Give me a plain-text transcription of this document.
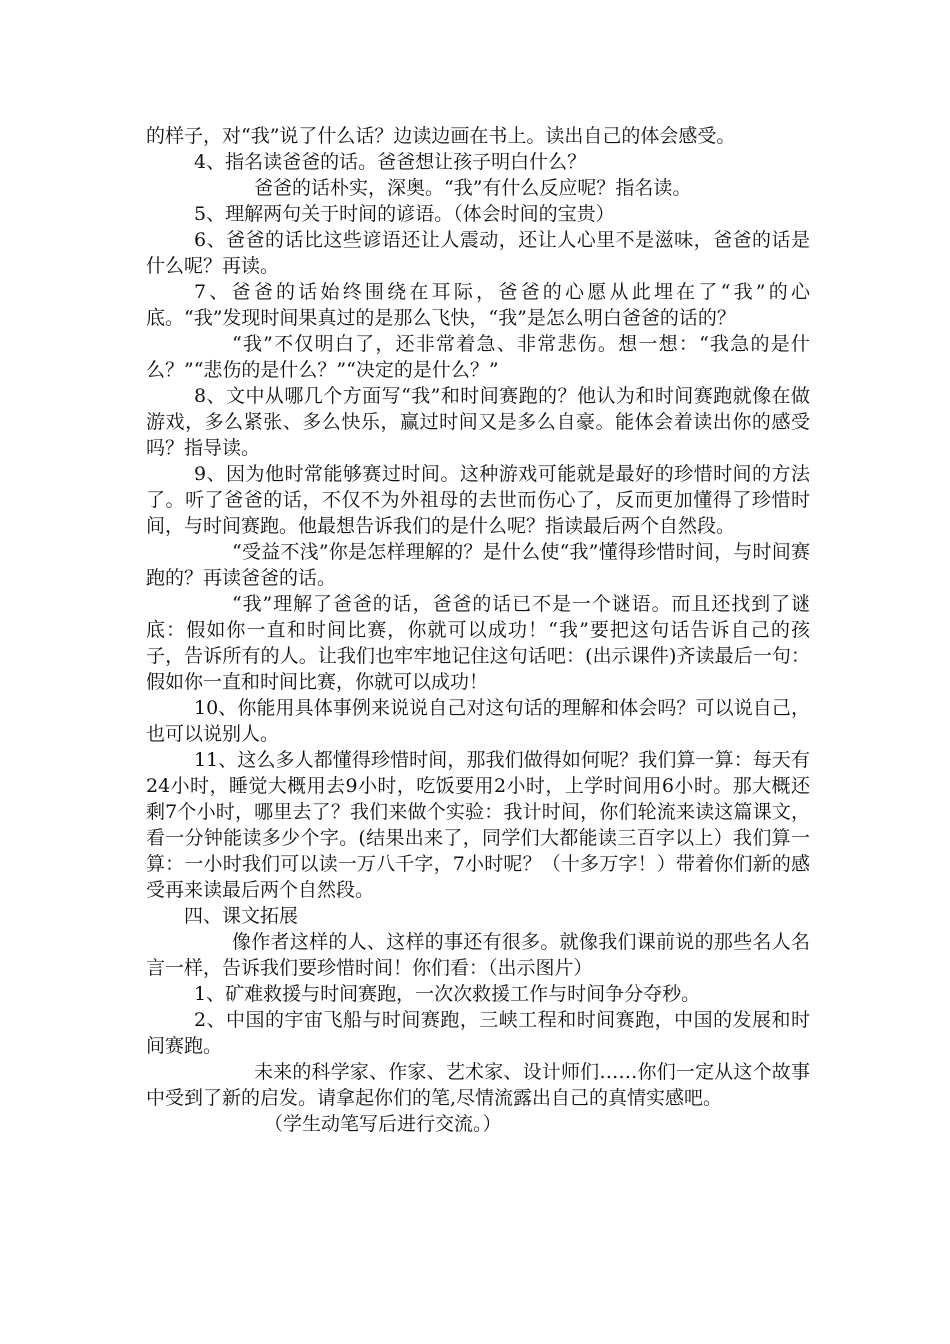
的样子，对“我”说了什么话？边读边画在书上。读出自己的体会感受。

4、指名读爸爸的话。爸爸想让孩子明白什么？

爸爸的话朴实，深奥。“我”有什么反应呢？指名读。

5、理解两句关于时间的谚语。（体会时间的宝贵）

6、爸爸的话比这些谚语还让人震动，还让人心里不是滋味，爸爸的话是什么呢？再读。

7、爸爸的话始终围绕在耳际，爸爸的心愿从此埋在了“我”的心底。“我”发现时间果真过的是那么飞快，“我”是怎么明白爸爸的话的？

“我”不仅明白了，还非常着急、非常悲伤。想一想：“我急的是什么？”“悲伤的是什么？”“决定的是什么？”

8、文中从哪几个方面写“我”和时间赛跑的？他认为和时间赛跑就像在做游戏，多么紧张、多么快乐，赢过时间又是多么自豪。能体会着读出你的感受吗？指导读。

9、因为他时常能够赛过时间。这种游戏可能就是最好的珍惜时间的方法了。听了爸爸的话，不仅不为外祖母的去世而伤心了，反而更加懂得了珍惜时间，与时间赛跑。他最想告诉我们的是什么呢？指读最后两个自然段。

“受益不浅”你是怎样理解的？是什么使“我”懂得珍惜时间，与时间赛跑的？再读爸爸的话。

“我”理解了爸爸的话，爸爸的话已不是一个谜语。而且还找到了谜底：假如你一直和时间比赛，你就可以成功！“我”要把这句话告诉自己的孩子，告诉所有的人。让我们也牢牢地记住这句话吧：(出示课件)齐读最后一句：假如你一直和时间比赛，你就可以成功！

10、你能用具体事例来说说自己对这句话的理解和体会吗？可以说自己，也可以说别人。

11、这么多人都懂得珍惜时间，那我们做得如何呢？我们算一算：每天有24小时，睡觉大概用去9小时，吃饭要用2小时，上学时间用6小时。那大概还剩7个小时，哪里去了？我们来做个实验：我计时间，你们轮流来读这篇课文，看一分钟能读多少个字。(结果出来了，同学们大都能读三百字以上）我们算一算：一小时我们可以读一万八千字，7小时呢？（十多万字！）带着你们新的感受再来读最后两个自然段。

四、课文拓展

像作者这样的人、这样的事还有很多。就像我们课前说的那些名人名言一样，告诉我们要珍惜时间！你们看：（出示图片）

1、矿难救援与时间赛跑，一次次救援工作与时间争分夺秒。

2、中国的宇宙飞船与时间赛跑，三峡工程和时间赛跑，中国的发展和时间赛跑。

未来的科学家、作家、艺术家、设计师们……你们一定从这个故事中受到了新的启发。请拿起你们的笔,尽情流露出自己的真情实感吧。

（学生动笔写后进行交流。）
